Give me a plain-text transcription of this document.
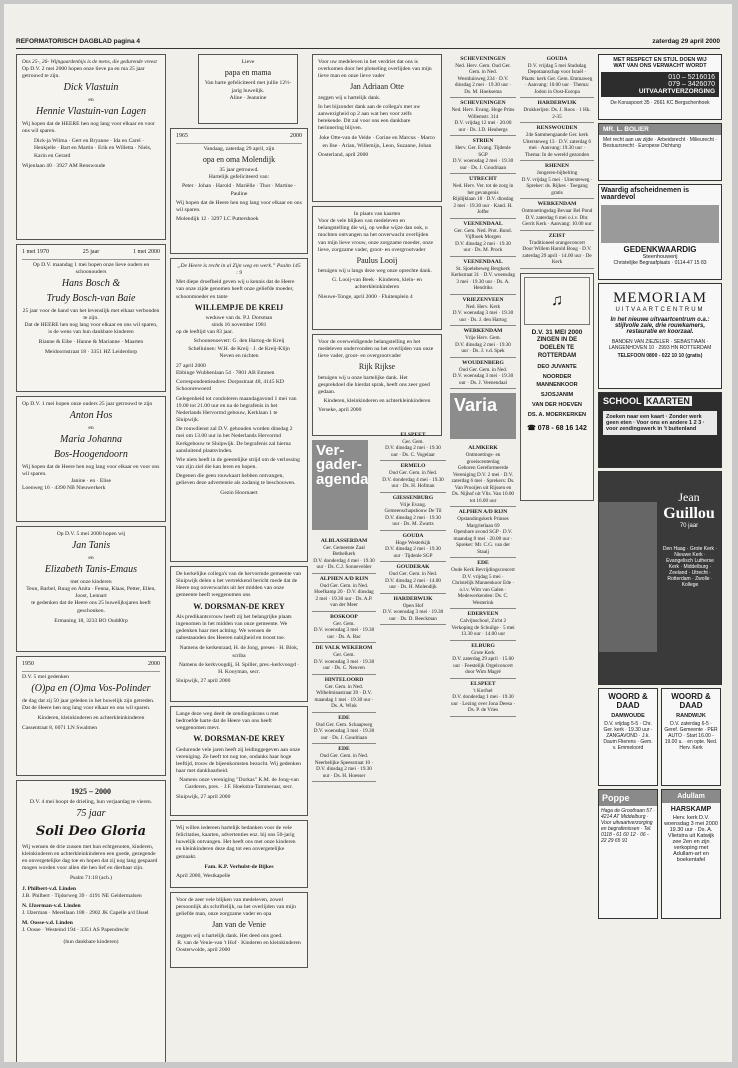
REFORMATORISCH DAGBLAD pagina 4	zaterdag 29 april 2000
Ons 25-, 26- Wijngaardenbijs is de mens, die gedurende vreest
Op D.V. 2 mei 2000 hopen onze lieve pa en ma 25 jaar getrouwd te zijn.
Dick Vlastuin
en
Hennie Vlastuin-van Lagen
Wij hopen dat de HEERE hen nog lang voor elkaar en voor ons wil sparen.
Dick-ja Wilma · Gert en Bryanne · Ida en Carel · Henkjelle · Bart en Martin · Erik en Willetta · Niels, Karin en Gerard
Wijenlaan 40 · 3927 AM Renswoude
1 mei 1970	25 jaar	1 mei 2000
Op D.V. maandag 1 mei hopen onze lieve ouders en schoonouders
Hans Bosch &
Trudy Bosch-van Baie
25 jaar voor de hand van het levenslijk met elkaar verbonden te zijn.
Dat de HEERE hen nog lang voor elkaar en ons wil sparen, is de wens van hun dankbare kinderen
Rianne & Eibe · Hanne & Marianne · Maarten
Meidoornstraat 18 · 3351 HZ Leiderdorp
Op D.V. 1 mei hopen onze ouders 25 jaar getrouwd te zijn
Anton Hos
en
Maria Johanna
Bos-Hoogendoorn
Wij hopen dat de Heere hen nog lang voor elkaar en voor ons wil sparen.
Janine · en · Elise
Loenweg 16 · 4390 NB Nieuwerkerk
Op D.V. 5 mei 2000 hopen wij
Jan Tanis
en
Elizabeth Tanis-Emaus
met onze kinderen
Teun, Barbel, Ruug en Anita · Fenna, Klaas, Petter, Ellen, Joost, Lennart
te gedenken dat de Heere ons 25 huwelijksjaren heeft geschonken.
Ermaning 18, 3233 BO Oudd0rp
1950	2000
D.V. 5 mei gedenken
(O)pa en (O)ma Vos-Polinder
de dag dat zij 50 jaar geleden in het huwelijk zijn getreden. Dat de Heere hen nog lang voor elkaar en ons wil sparen.
Kinderen, kleinkinderen en achterkleinkinderen
Cassentraat 8, 6071 LN Swalmen
1925 – 2000
D.V. 4 mei hoopt de drieling, hun verjaardag te vieren.
75 jaar
Soli Deo Gloria
Wij wensen de drie zussen met hun echtgenoten, kinderen, kleinkinderen en achterkleinkinderen een goede, gezegende en onvergetelijke dag toe en hopen dat zij nog lang gespaard mogen worden voor allen die hen lief en dierbaar zijn.
Psalm 71:18 (ach.)
J. Philbert-v.d. Linden
J.B. Philbert · Tijdorweg 39 · 4191 NE Geldermalsen
N. IJzerman-v.d. Linden
J. IJzerman · Merellaan 188 · 2902 JK Capelle a/d IJssel
M. Oosse-v.d. Linden
J. Oosse · Westeind 194 · 3351 AS Papendrecht
(hun dankbare kinderen)
Lieve
papa en mama
Van harte gefeliciteerd met jullie 12½-jarig huwelijk.
Aline · Jeannine
1965	2000
Vandaag, zaterdag 29 april, zijn
opa en oma Molendijk
35 jaar getrouwd.
Hartelijk gefeliciteerd van:
Peter · Johan · Harold · Mariëlle · Thor · Martine · Pauline
Wij hopen dat de Heere hen nog lang voor elkaar en ons wil sparen.
Molendijk 12 · 3297 LC Puttershoek
„De Heere is recht in al Zijn weg en werk.” Psalm 145 : 9
Met diepe droefheid geven wij u kennis dat de Heere van onze zijde genomen heeft onze geliefde moeder, schoonmoeder en tante
WILLEMPJE DE KREIJ
weduwe van ds. P.J. Dorsman
sinds 16 november 1981
op de leeftijd van 83 jaar.
Schoonenoevert: G. den Hartog-de Kreij
Schelluinen: W.H. de Kreij · J. de Kreij-Klijn
Neven en nichten
27 april 2000
Ebbinge Wubbenlaan 54 · 7801 AB Emmen
Correspondentieadres: Dorpsstraat 48, 4145 KD Schoonrewoerd
Gelegenheid tot condoleren maandagavond 1 mei van 19.00 tot 21.00 uur en na de begrafenis in het Nederlands Hervormd gebouw, Kerklaan 1 te Sluipwijk.
De rouwdienst zal D.V. gehouden worden dinsdag 2 mei om 13.00 uur in het Nederlands Hervormd Kerkgebouw te Sluipwijk. De begrafenis zal hierna aansluitend plaatsvinden.
Wie niets heeft in de geestelijke strijd om de verlossing van zijn ziel die kan leren en hopen.
Degenen die geen rouwkaart hebben ontvangen, gelieven deze advertentie als zodanig te beschouwen.
Gezin Hoornaert
De kerkelijke collega's van de hervormde gemeente van Sluipwijk delen u het vertrekkend bericht mede dat de Heere nog onverwachts uit het midden van onze gemeente heeft weggenomen ons
W. DORSMAN-DE KREY
Als predikantsvrouw heeft zij het belangrijke plaats ingenomen in het midden van onze gemeente. We gedenken haar met achting. We wensen de nabestaanden des Heeren nabijheid en troost toe.
Namens de kerkenraad, H. de Jong, preses · H. Blok, scriba
Namens de kerkvoogdij, H. Spiller, pres.-kerkvoogd · H. Kooyman, secr.
Sluipwijk, 27 april 2000
Lange deze weg deelt de zendingskrans u met bedroefde harte dat de Heere van ons heeft weggenomen mevr.
W. DORSMAN-DE KREY
Gedurende vele jaren heeft zij leidinggegeven aan onze vereniging. Ze heeft tot nog toe, ondanks haar hoge leeftijd, trouw de bijeenkomsten bezocht. Wij gedenken haar met dankbaarheid.
Namens onze vereniging "Dorkas" K.M. de Jong-van Garderen, pres. · J.F. Hoekstra-Tammeraar, secr.
Sluipwijk, 27 april 2000
Wij willen iedereen hartelijk bedanken voor de vele felicitaties, kaarten, advertenties enz. bij ons 50-jarig huwelijk ontvangen. Het heeft ons met onze kinderen en kleinkinderen deze dag tot een onvergetelijke gemaakt.
Fam. K.P. Verhulst-de Bijkes
April 2000, Westkapelle
Voor de zeer vele blijken van medeleven, zowel persoonlijk als schriftelijk, na het overlijden van mijn geliefde man, onze zorgzame vader en opa
Jan van de Venie
zeggen wij u hartelijk dank. Het deed ons goed.
R. van de Venie-van 't Hof · Kinderen en kleinkinderen
Oosterwolde, april 2000
Voor uw medeleven in het verdriet dat ons is overkomen door het plotseling overlijden van mijn lieve man en onze lieve vader
Jan Adriaan Otte
zeggen wij u hartelijk dank.
In het bijzonder dank aan de collega's met uw aanwezigheid op 2 aan wat hen voor zelfs betekende. Dit zal voor ons een dankbare herinnering blijven.
Joke Otte-van de Velde · Corine en Marcus · Marco en Ilse · Arian, Willemijn, Leon, Suzanne, Johan
Oosterland, april 2000
In plaats van kaarten
Voor de vele blijken van medeleven en belangstelling die wij, op welke wijze dan ook, u mochten ontvangen na het onverwacht overlijden van mijn lieve vrouw, onze zorgzame moeder, onze lieve, zorgzame vader, groot- en overgrootvader
Paulus Looij
betuigen wij u langs deze weg onze oprechte dank.
G. Looij-van Beek · Kinderen, klein- en achterkleinkinderen
Nieuwe-Tonge, april 2000 · Fluitenplein 4
Voor de overweldigende belangstelling en het medeleven ondervonden na het overlijden van onze lieve vader, groot- en overgrootvader
Rijk Rijkse
betuigen wij u onze hartelijke dank. Het gesprekdoel die hierdat sprak, heeft ons zeer goed gedaan.
Kinderen, kleinkinderen en achterkleinkinderen
Yerseke, april 2000
Ver-gader-agenda
ALBLASSERDAM
Ger. Gemeente Zaal Bethelkerk
D.V. donderdag 4 mei · 19.30 uur · Ds. C.J. Sonnevelder
ALPHEN A/D RIJN
Oud Ger. Gem. in Ned.
Hoefkamp 20 · D.V. dinsdag 2 mei · 19.30 uur · Ds. A.P. van der Meer
BOSKOOP
Ger. Gem.
D.V. woensdag 3 mei · 19.30 uur · Ds. A. Bac
DE VALK WEKEROM
Ger. Gem.
D.V. woensdag 3 mei · 19.30 uur · Ds. C. Neuven
HINTELOORD
Ger. Gem. in Ned.
Wilhelminastraat 39 · D.V. maandag 1 mei · 19.30 uur · Ds. A. Wink
EDE
Oud Ger. Gem. Schaapweg
D.V. woensdag 3 mei · 19.30 uur · Ds. J. Goudriaan
EDE
Oud Ger. Gem. in Ned.
Neerbelijke Speesstraat 10 · D.V. dinsdag 2 mei · 19.30 uur · Ds. H. Hoesser
SCHEVENINGEN
Ned. Herv. Gem. Oud Ger. Gem. in Ned.
Westduinweg 234 · D.V. dinsdag 2 mei · 19.30 uur · Ds. M. Hoeksema
SCHEVENINGEN
Ned. Herv. Evang. Hoge Prins Willemstr. 314
D.V. vrijdag 12 mei · 20.00 uur · Ds. J.D. Heubergs
STRIEN
Herv. Ger. Evang. Tijdenle SGP
D.V. woensdag 2 mei · 19.30 uur · Ds. J. Goudriaan
UTRECHT
Ned. Herv. Ver. tot de zorg in het gevangenis
Rijdijklaan 18 · D.V. dinsdag 2 mei · 19.30 uur · Kand. H. Joffer
VEENENDAAL
Ger. Gem. Ned. Prot. Bond. Vijfhoek Morgen
D.V. dinsdag 2 mei · 19.30 uur · Ds. M. Prock
VEENENDAAL
St. Sjoelebeweg Bergkerk
Kerkstraat 31 · D.V. woensdag 3 mei · 19.30 uur · Ds. A. Hendriks
VRIEZENVEEN
Ned. Herv. Kerk
D.V. woensdag 3 mei · 19.30 uur · Ds. J. den Hartog
WERKENDAM
Vrije Herv. Gem.
D.V. dinsdag 2 mei · 19.30 uur · Ds. J. v.d. Spek
WOUDENBERG
Oud Ger. Gem. in Ned.
D.V. woensdag 3 mei · 19.30 uur · Ds. J. Veenendaal
Varia
ALMKERK
Ontmoetings- en groeiscenterdag
Geboren Gereformeerde Vereniging D.V. 2 mei · D.V. zaterdag 6 mei · Sprekers: Ds. Van Prooijen uit Rijssen en Ds. Nijhof uit Vlis. Van 10.00 tot 16.00 uur
ALPHEN A/D RIJN
Opstandingskerk Prinses Margrietlaan 69
Openbare avond SGP · D.V. maandag 8 mei · 20.00 uur · Spreker: Mr. C.G. van der Staaij
EDE
Oude Kerk Bevrijdingsconcert
D.V. vrijdag 5 mei · Christelijk Mannenkoor Ede · o.l.v. Wim van Galen · Medewerkenden: Ds. C. Westerink
EDERVEEN
Calvijnschool, Zicht 2
Verkoping de Schuilge · 5 mei 13.30 uur · 14.00 uur
ELBURG
Grote Kerk
D.V. zaterdag 29 april · 15.00 uur · Feestelijk Orgelconcert door Wim Magré
ELSPEET
't Korfsel
D.V. donderdag 1 mei · 19.30 uur · Lezing over Jona Deesa · Ds. P. de Vries
ELSPEET
Ger. Gem.
D.V. dinsdag 2 mei · 19.30 uur · Ds. C. Vogelaar
ERMELO
Oud Ger. Gem. in Ned.
D.V. donderdag 4 mei · 19.30 uur · Ds. H. Hofman
GIESSENBURG
Vrije Evang. Gemeenschapsbouw De Til
D.V. dinsdag 2 mei · 19.30 uur · Ds. M. Zwarts
GOUDA
Hoge Westerkijk
D.V. dinsdag 2 mei · 19.30 uur · Tijdenle SGP
GOUDERAK
Oud Ger. Gem. in Ned.
D.V. dinsdag 2 mei · 14.00 uur · Ds. H. Molendijk
HARDERWIJK
Open Hof
D.V. woensdag 3 mei · 19.30 uur · Ds. D. Beeckman
GOUDA
D.V. vrijdag 5 mei Stadsdag
Depotaanschap voor Israël · Plaats: kerk Ger. Gem. Emmaweg · Aanvang: 10.00 uur · Thema: Jodon in Oost-Europa
HARDERWIJK
Drukkerijen: Ds. J. Roos · 1 Hk. 2-35
RENSWOUDEN
24e Sammengaande Ger. kerk
Uitersteweg 13 · D.V. zaterdag 6 mei · Aanvang: 19.30 uur · Thema: In de wereld gezonden
RHENEN
Jongeren-bijbelring
D.V. vrijdag 5 mei · Uitersteweg · Spreker: ds. Rijkes · Toegang gratis
WERKENDAM
Ontmoetingsdag Bevaar Bel Pond
D.V. zaterdag 6 mei o.l.v. Dhr. Gerrit Kerk · Aanvang: 10.00 uur
ZEIST
Traditioneel orangeconcert
Door Willem Harold Boog · D.V. zaterdag 29 april · 14.00 uur · De Kerk
♫
D.V. 31 MEI 2000
ZINGEN IN DE DOELEN TE ROTTERDAM
DEO JUVANTE
NOORDER MANNENKOOR
SJOSJANIM
VAN DER HOEVEN
DS. A. MOERKERKEN
☎ 078 - 68 16 142
MET RESPECT EN STIJL DOEN WIJ
WAT VAN ONS VERWACHT WORDT
010 – 5216016
079 – 3426070
UITVAARTVERZORGING
De Koraspoort 35 · 2661 KC Bergschenhoek
MR. L. BOLIER
Met recht aan uw zijde · Arbeidsrecht · Milieurecht · Bestuursrecht · Europese Dichtung
Waardig afscheidnemen is waardevol
GEDENKWAARDIG
Steenhouwerij
Christelijke Begraafplaats · 0114-47 15 83
MEMORIAM
UITVAARTCENTRUM
In het nieuwe uitvaartcentrum o.a.: stijlvolle zale, drie rouwkamers, restauratie en koorzaal.
BANDEN VAN ZIEZELER · SEBASTIAAN · LANGENHOVEN 10 · 2993 HN ROTTERDAM
TELEFOON 0800 - 022 10 10 (gratis)
SCHOOL KAARTEN
Zoeken naar een kaart · Zonder werk geen eten · Voor ons en andere 1 2 3 · voor zendingswerk in 't buitenland
Jean
Guillou
70 jaar
Den Haag · Grote Kerk · Nieuwe Kerk · Evangelisch Lutherse Kerk · Middelburg · Zeeland · Utrecht · Rotterdam · Zwolle · Kollege
WOORD & DAAD
DAMWOUDE
D.V. vrijdag 5-5 · Chr. Ger. kerk · 19.30 uur · ZANGAVOND · J.k. Daum Flierens · Gem. v. Emmeloord
WOORD & DAAD
RANDWIJK
D.V. zaterdag 6-5 · Geref. Gemeente · PER AUTO · Start 16.00 - 19.00 u. · en opte. Ned. Herv. Kerk
Poppe
Haga de Groothaan 57 · 4214 AT Middelburg · Voor uitvaartverzorging en begrafenissen · Tel. 0118 - 61 60 12 · 06 - 22 29 65 91
Adullam
HARSKAMP
Herv. kerk D.V. woensdag 3 mei 2000 19.30 uur · Ds. A. Vlietstra uit Katwijk zee 2en en zijn verkoping met Adullam-art en boekentafel
